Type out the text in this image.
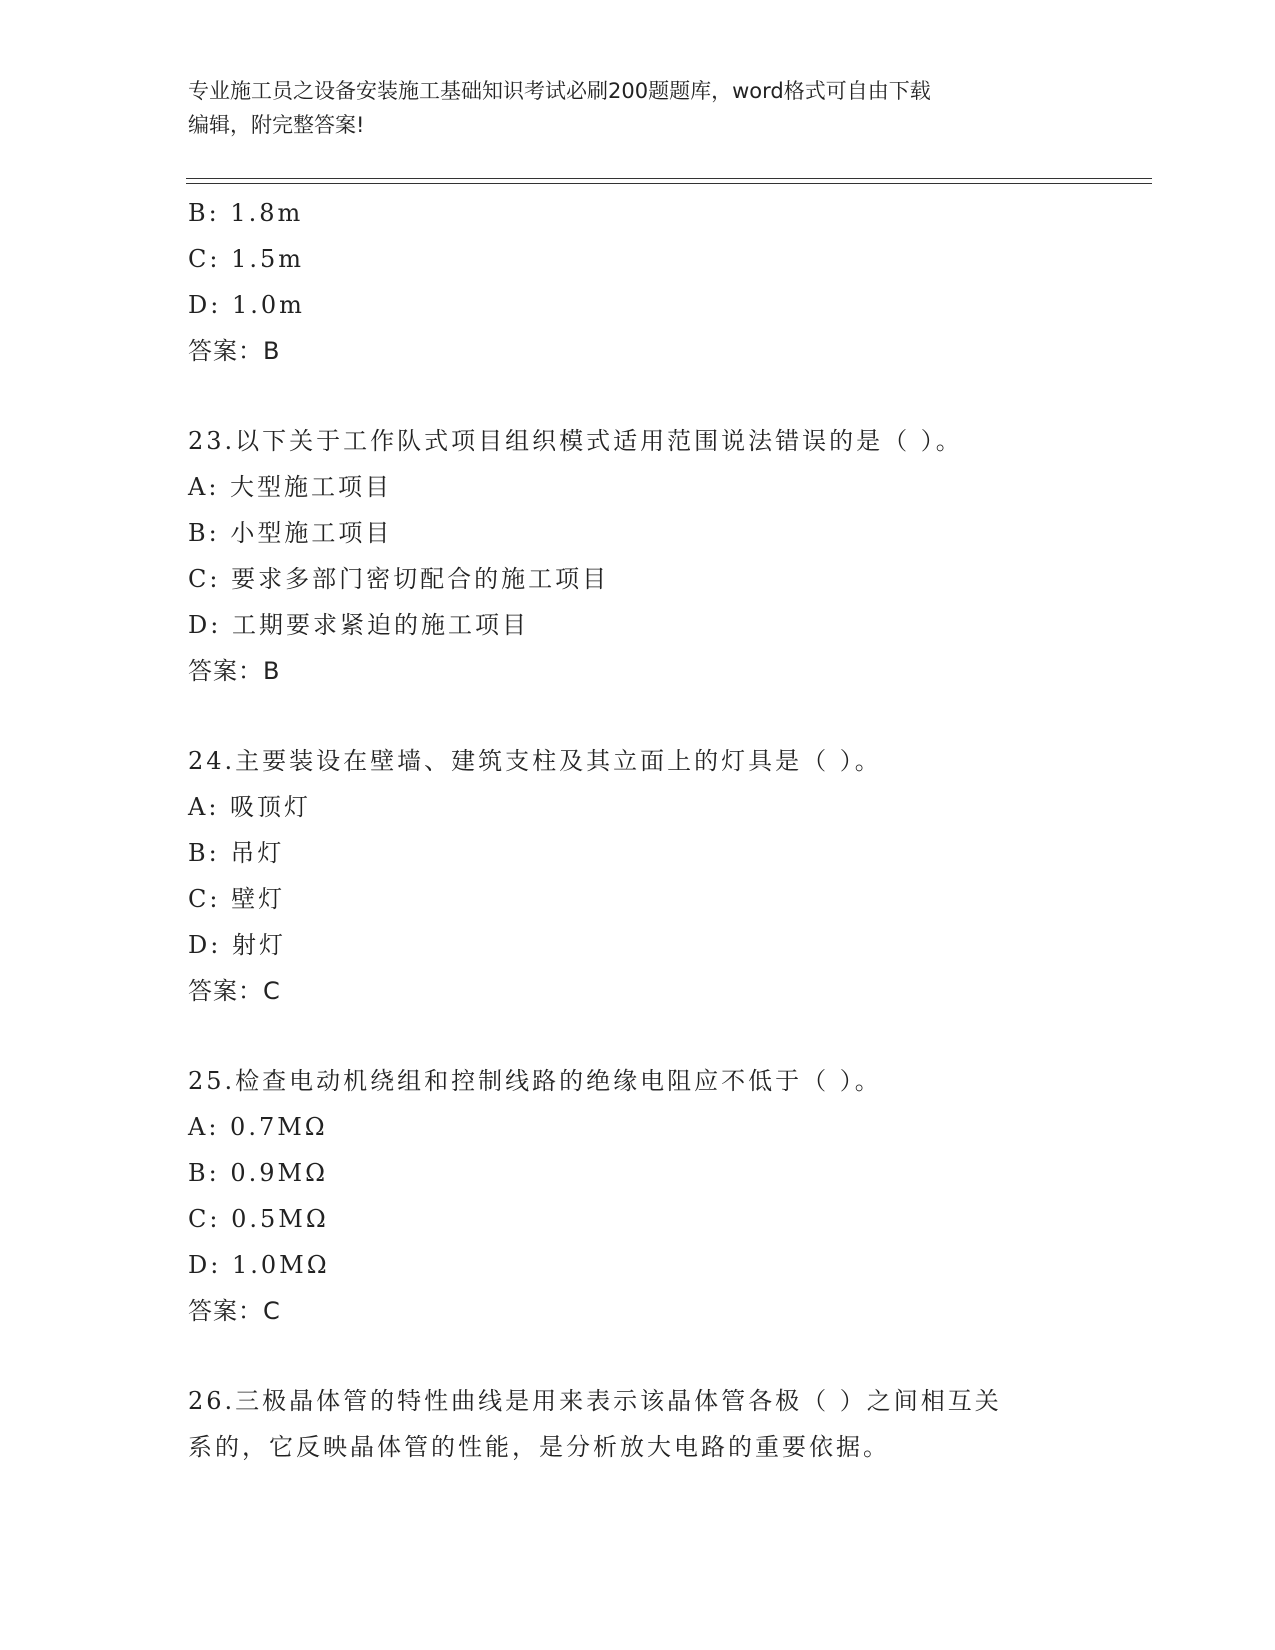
专业施工员之设备安装施工基础知识考试必刷200题题库，word格式可自由下载
编辑，附完整答案!
B: 1.8m
C: 1.5m
D: 1.0m
答案：B
23.以下关于工作队式项目组织模式适用范围说法错误的是（ ）。
A: 大型施工项目
B: 小型施工项目
C: 要求多部门密切配合的施工项目
D: 工期要求紧迫的施工项目
答案：B
24.主要装设在壁墙、建筑支柱及其立面上的灯具是（ ）。
A: 吸顶灯
B: 吊灯
C: 壁灯
D: 射灯
答案：C
25.检查电动机绕组和控制线路的绝缘电阻应不低于（ ）。
A: 0.7MΩ
B: 0.9MΩ
C: 0.5MΩ
D: 1.0MΩ
答案：C
26.三极晶体管的特性曲线是用来表示该晶体管各极（ ）之间相互关
系的，它反映晶体管的性能，是分析放大电路的重要依据。
